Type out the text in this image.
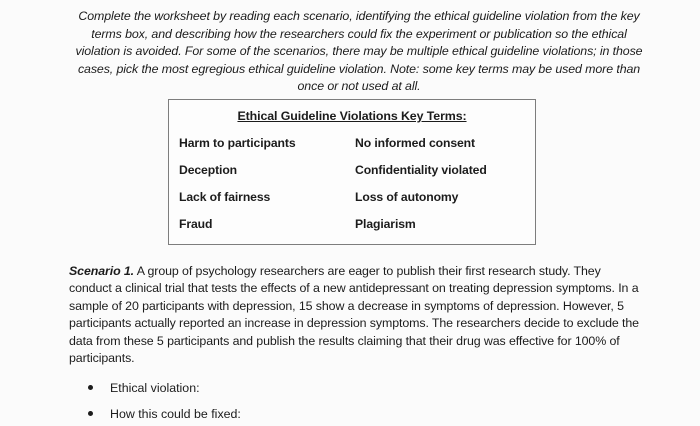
Complete the worksheet by reading each scenario, identifying the ethical guideline violation from the key terms box, and describing how the researchers could fix the experiment or publication so the ethical violation is avoided. For some of the scenarios, there may be multiple ethical guideline violations; in those cases, pick the most egregious ethical guideline violation. Note: some key terms may be used more than once or not used at all.
Ethical Guideline Violations Key Terms:
Harm to participants
Deception
Lack of fairness
Fraud
No informed consent
Confidentiality violated
Loss of autonomy
Plagiarism
Scenario 1. A group of psychology researchers are eager to publish their first research study. They conduct a clinical trial that tests the effects of a new antidepressant on treating depression symptoms. In a sample of 20 participants with depression, 15 show a decrease in symptoms of depression. However, 5 participants actually reported an increase in depression symptoms. The researchers decide to exclude the data from these 5 participants and publish the results claiming that their drug was effective for 100% of participants.
Ethical violation:
How this could be fixed:
